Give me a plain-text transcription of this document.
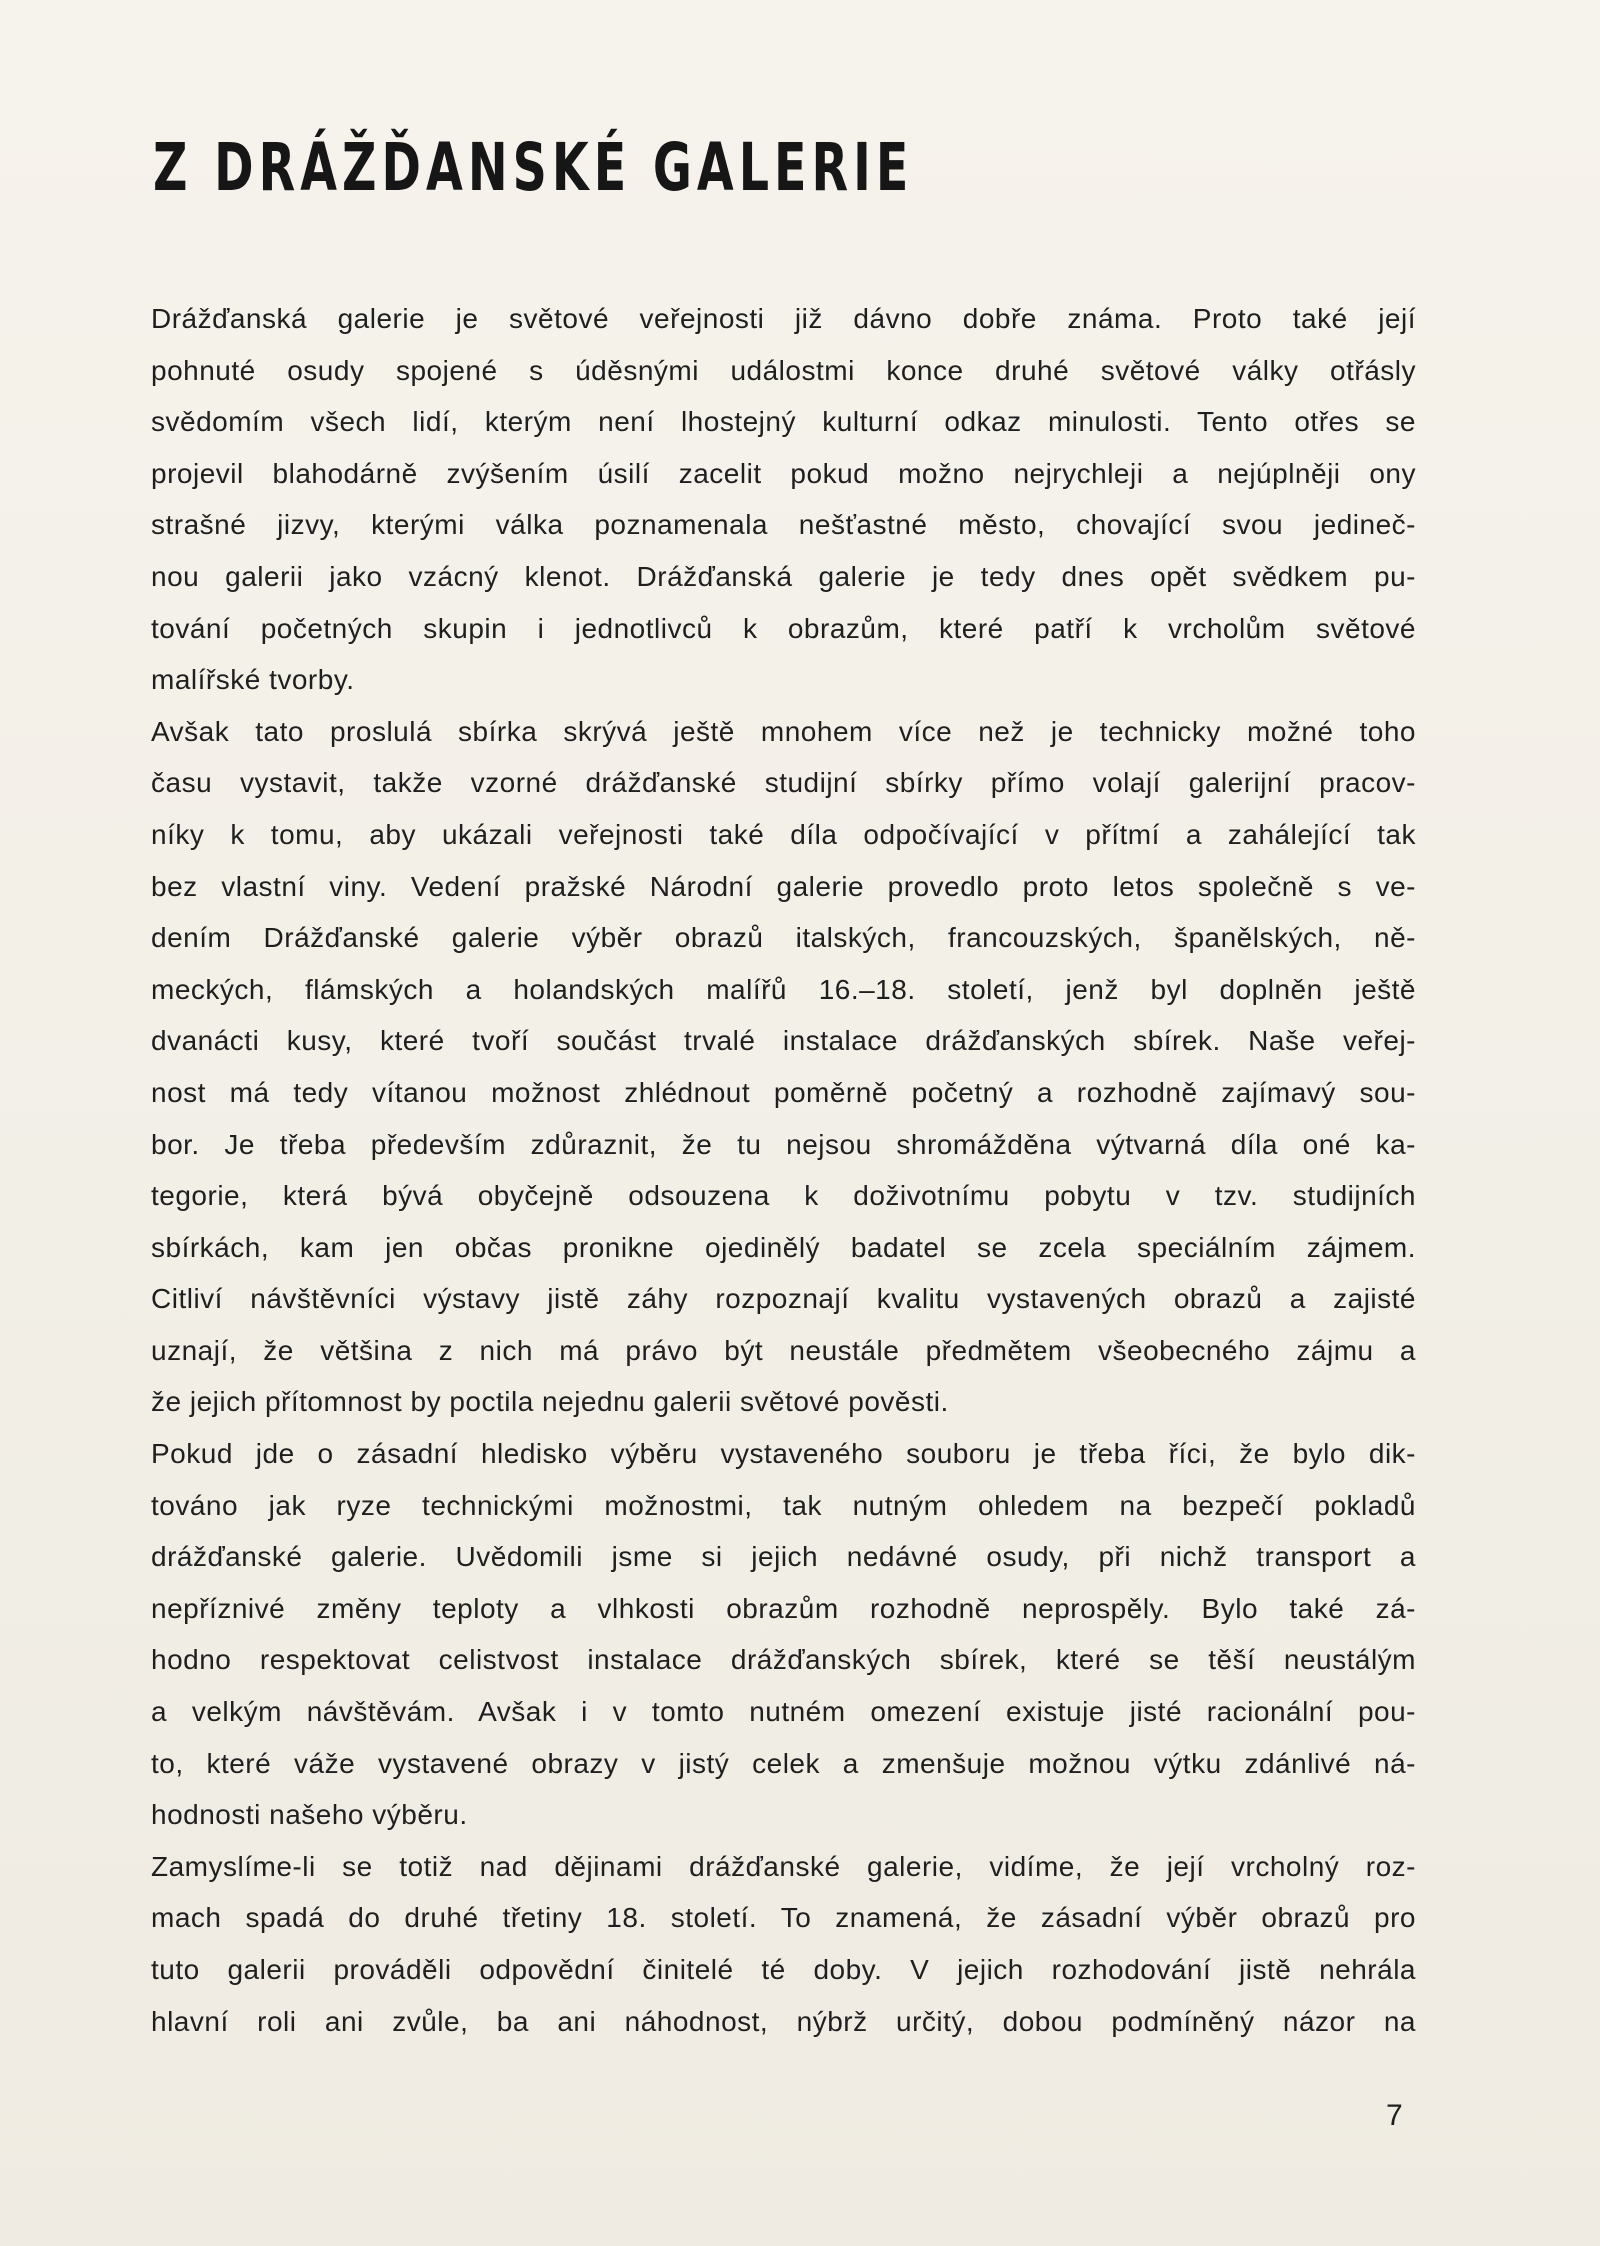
Z DRÁŽĎANSKÉ GALERIE

Drážďanská galerie je světové veřejnosti již dávno dobře známa. Proto také její
pohnuté osudy spojené s úděsnými událostmi konce druhé světové války otřásly
svědomím všech lidí, kterým není lhostejný kulturní odkaz minulosti. Tento otřes se
projevil blahodárně zvýšením úsilí zacelit pokud možno nejrychleji a nejúplněji ony
strašné jizvy, kterými válka poznamenala nešťastné město, chovající svou jedineč-
nou galerii jako vzácný klenot. Drážďanská galerie je tedy dnes opět svědkem pu-
tování početných skupin i jednotlivců k obrazům, které patří k vrcholům světové
malířské tvorby.

Avšak tato proslulá sbírka skrývá ještě mnohem více než je technicky možné toho
času vystavit, takže vzorné drážďanské studijní sbírky přímo volají galerijní pracov-
níky k tomu, aby ukázali veřejnosti také díla odpočívající v přítmí a zahálející tak
bez vlastní viny. Vedení pražské Národní galerie provedlo proto letos společně s ve-
dením Drážďanské galerie výběr obrazů italských, francouzských, španělských, ně-
meckých, flámských a holandských malířů 16.–18. století, jenž byl doplněn ještě
dvanácti kusy, které tvoří součást trvalé instalace drážďanských sbírek. Naše veřej-
nost má tedy vítanou možnost zhlédnout poměrně početný a rozhodně zajímavý sou-
bor. Je třeba především zdůraznit, že tu nejsou shromážděna výtvarná díla oné ka-
tegorie, která bývá obyčejně odsouzena k doživotnímu pobytu v tzv. studijních
sbírkách, kam jen občas pronikne ojedinělý badatel se zcela speciálním zájmem.
Citliví návštěvníci výstavy jistě záhy rozpoznají kvalitu vystavených obrazů a zajisté
uznají, že většina z nich má právo být neustále předmětem všeobecného zájmu a
že jejich přítomnost by poctila nejednu galerii světové pověsti.

Pokud jde o zásadní hledisko výběru vystaveného souboru je třeba říci, že bylo dik-
továno jak ryze technickými možnostmi, tak nutným ohledem na bezpečí pokladů
drážďanské galerie. Uvědomili jsme si jejich nedávné osudy, při nichž transport a
nepříznivé změny teploty a vlhkosti obrazům rozhodně neprospěly. Bylo také zá-
hodno respektovat celistvost instalace drážďanských sbírek, které se těší neustálým
a velkým návštěvám. Avšak i v tomto nutném omezení existuje jisté racionální pou-
to, které váže vystavené obrazy v jistý celek a zmenšuje možnou výtku zdánlivé ná-
hodnosti našeho výběru.

Zamyslíme-li se totiž nad dějinami drážďanské galerie, vidíme, že její vrcholný roz-
mach spadá do druhé třetiny 18. století. To znamená, že zásadní výběr obrazů pro
tuto galerii prováděli odpovědní činitelé té doby. V jejich rozhodování jistě nehrála
hlavní roli ani zvůle, ba ani náhodnost, nýbrž určitý, dobou podmíněný názor na

7
